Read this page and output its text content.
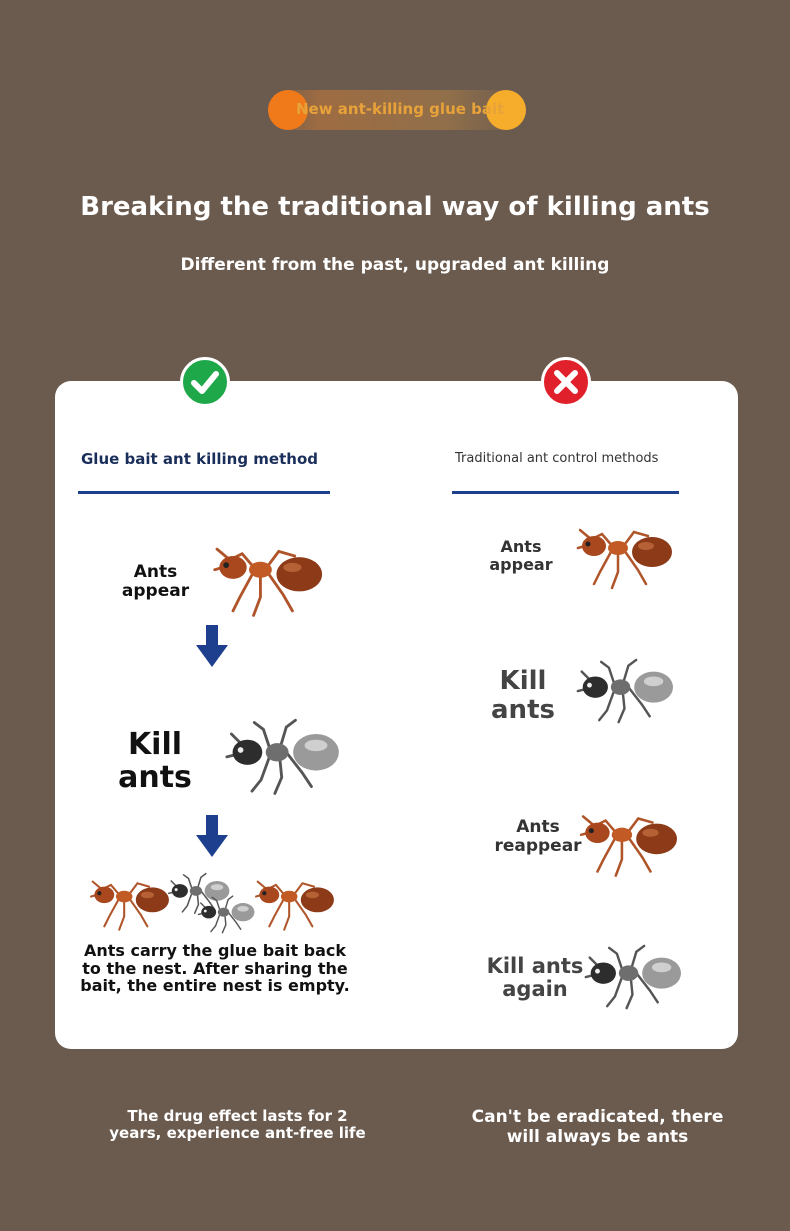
New ant-killing glue bait
Breaking the traditional way of killing ants
Different from the past, upgraded ant killing
Glue bait ant killing method	Traditional ant control methods
Ants appear
Kill ants
Ants carry the glue bait back to the nest. After sharing the bait, the entire nest is empty.
Ants appear
Kill ants
Ants reappear
Kill ants again
The drug effect lasts for 2 years, experience ant-free life
Can't be eradicated, there will always be ants
